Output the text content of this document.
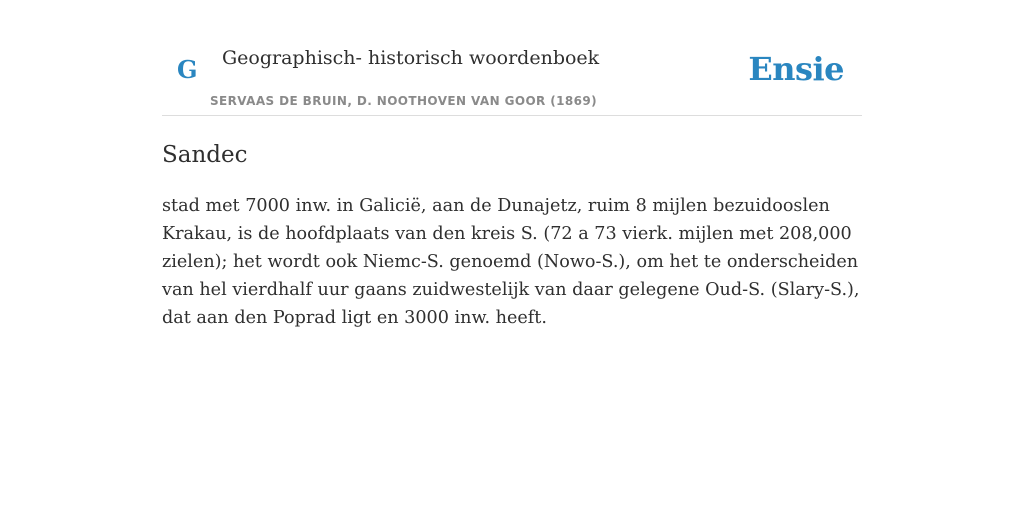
G Geographisch- historisch woordenboek
SERVAAS DE BRUIN, D. NOOTHOVEN VAN GOOR (1869)
Ensie
Sandec

stad met 7000 inw. in Galicië, aan de Dunajetz, ruim 8 mijlen bezuidooslen Krakau, is de hoofdplaats van den kreis S. (72 a 73 vierk. mijlen met 208,000 zielen); het wordt ook Niemc-S. genoemd (Nowo-S.), om het te onderscheiden van hel vierdhalf uur gaans zuidwestelijk van daar gelegene Oud-S. (Slary-S.), dat aan den Poprad ligt en 3000 inw. heeft.
